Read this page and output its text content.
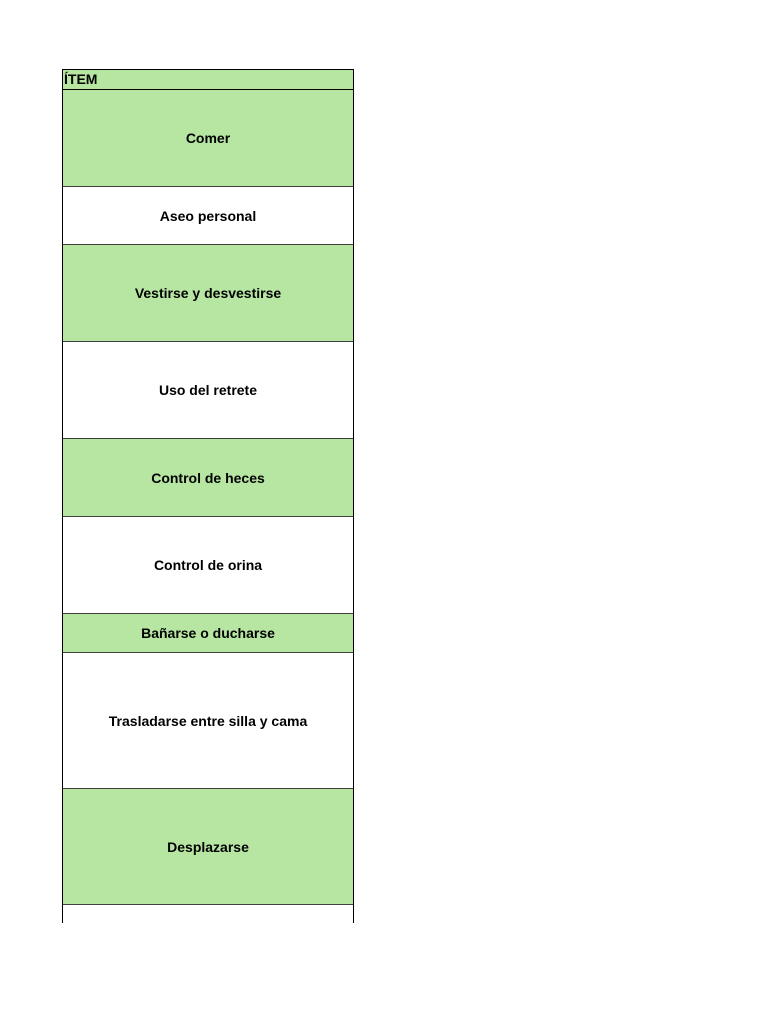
ÍTEM
Comer
Aseo personal
Vestirse y desvestirse
Uso del retrete
Control de heces
Control de orina
Bañarse o ducharse
Trasladarse entre silla y cama
Desplazarse
